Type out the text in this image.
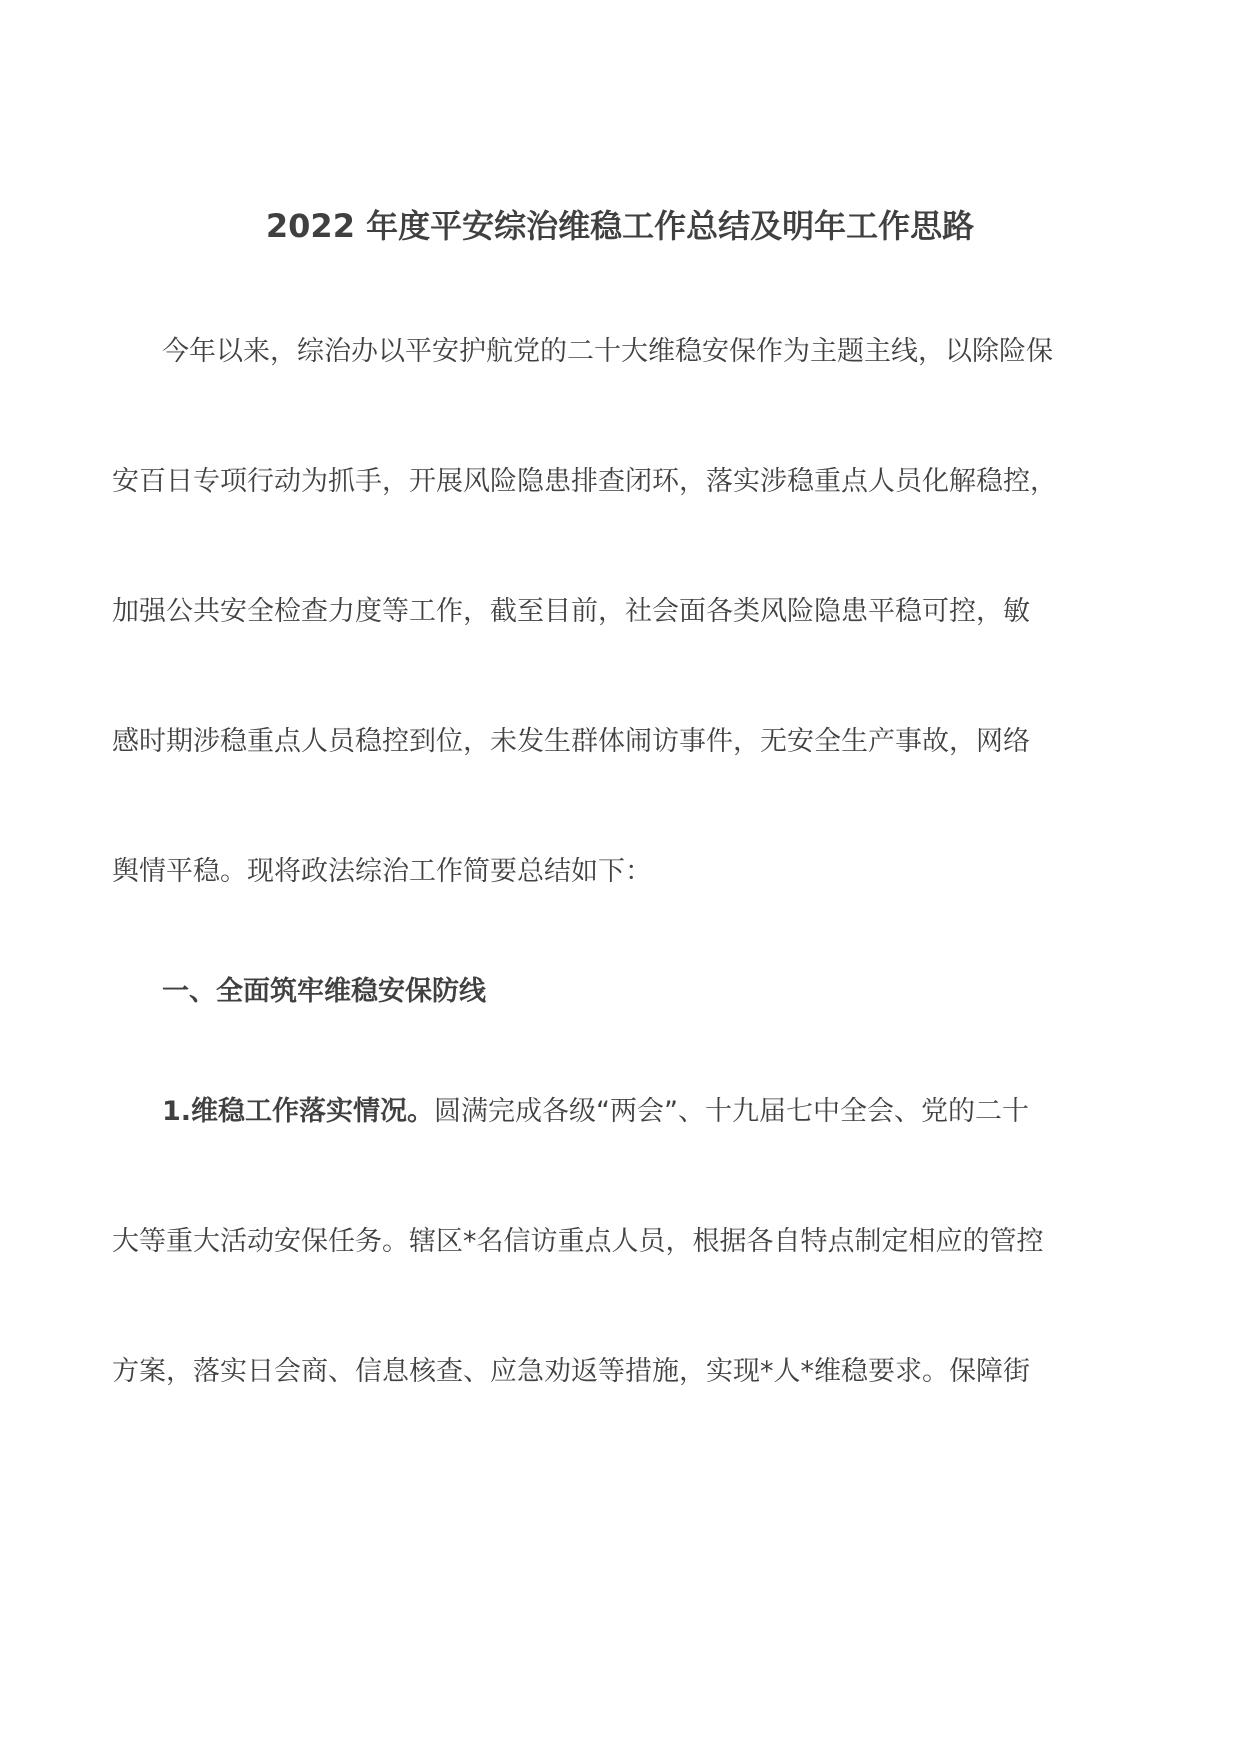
2022 年度平安综治维稳工作总结及明年工作思路
今年以来，综治办以平安护航党的二十大维稳安保作为主题主线，以除险保
安百日专项行动为抓手，开展风险隐患排查闭环，落实涉稳重点人员化解稳控，
加强公共安全检查力度等工作，截至目前，社会面各类风险隐患平稳可控，敏
感时期涉稳重点人员稳控到位，未发生群体闹访事件，无安全生产事故，网络
舆情平稳。现将政法综治工作简要总结如下：
一、全面筑牢维稳安保防线
1.维稳工作落实情况。圆满完成各级“两会”、十九届七中全会、党的二十
大等重大活动安保任务。辖区*名信访重点人员，根据各自特点制定相应的管控
方案，落实日会商、信息核查、应急劝返等措施，实现*人*维稳要求。保障街
